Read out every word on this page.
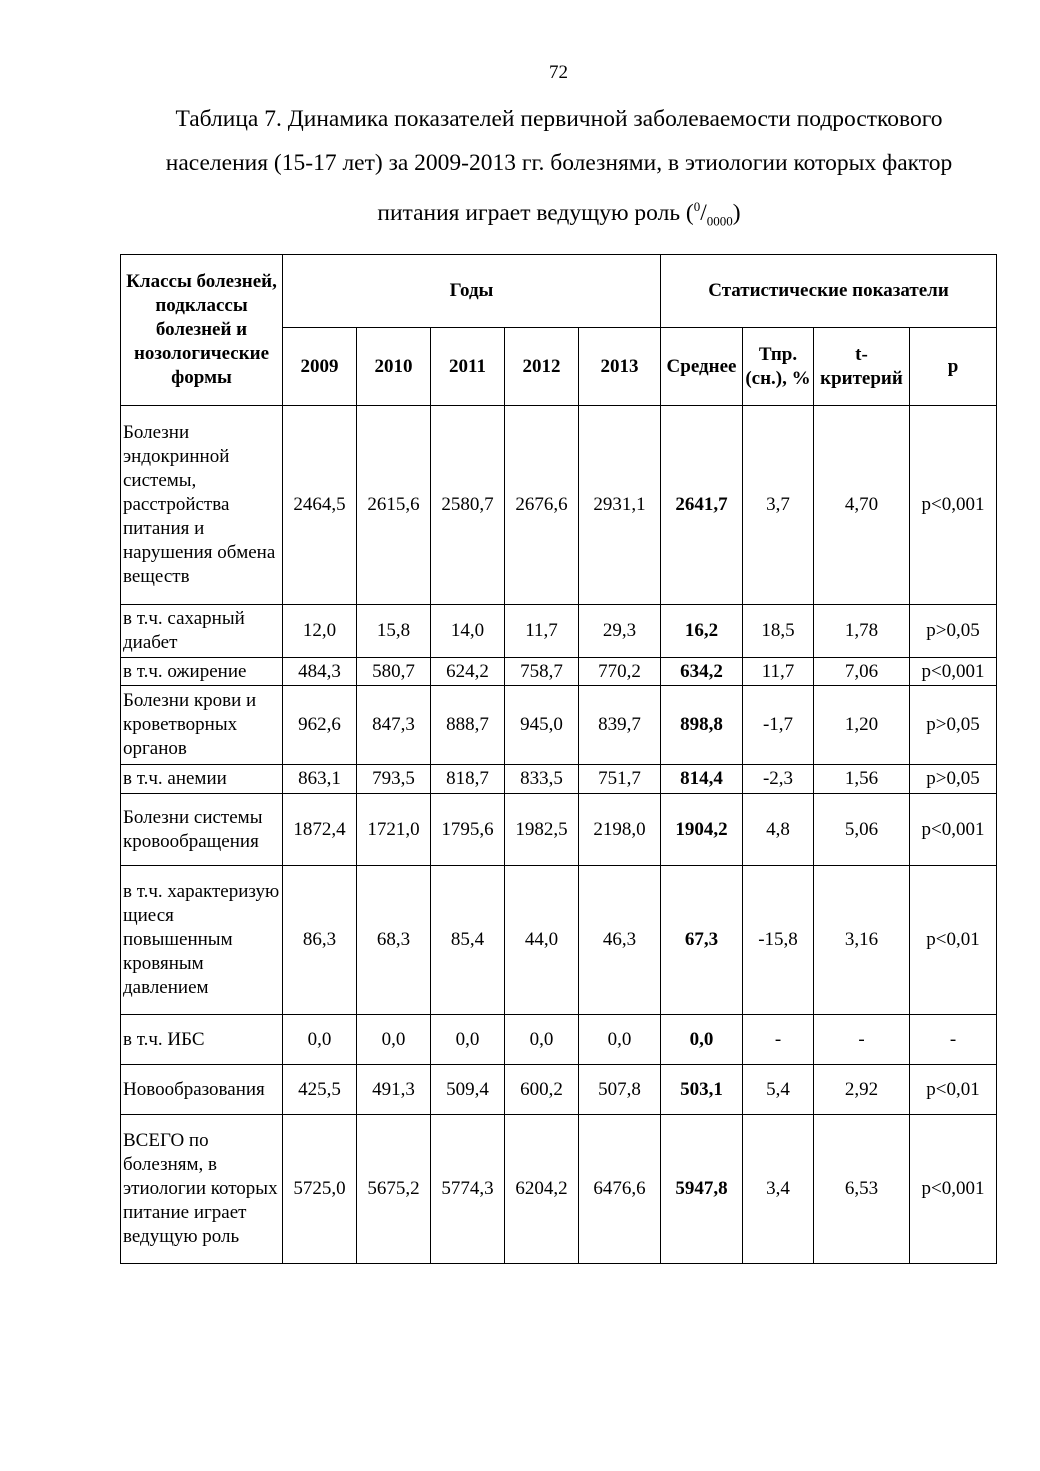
72
Таблица 7. Динамика показателей первичной заболеваемости подросткового населения (15-17 лет) за 2009-2013 гг. болезнями, в этиологии которых фактор питания играет ведущую роль $(^0/_{0000})$
Классы болезней, подклассы болезней и нозологические формы	Годы					Статистические показатели			
	2009	2010	2011	2012	2013	Среднее	Тпр. (сн.), %	t-критерий	p
Болезни эндокринной системы, расстройства питания и нарушения обмена веществ	2464,5	2615,6	2580,7	2676,6	2931,1	2641,7	3,7	4,70	p<0,001
в т.ч. сахарный диабет	12,0	15,8	14,0	11,7	29,3	16,2	18,5	1,78	p>0,05
в т.ч. ожирение	484,3	580,7	624,2	758,7	770,2	634,2	11,7	7,06	p<0,001
Болезни крови и кроветворных органов	962,6	847,3	888,7	945,0	839,7	898,8	-1,7	1,20	p>0,05
в т.ч. анемии	863,1	793,5	818,7	833,5	751,7	814,4	-2,3	1,56	p>0,05
Болезни системы кровообращения	1872,4	1721,0	1795,6	1982,5	2198,0	1904,2	4,8	5,06	p<0,001
в т.ч. характеризую щиеся повышенным кровяным давлением	86,3	68,3	85,4	44,0	46,3	67,3	-15,8	3,16	p<0,01
в т.ч. ИБС	0,0	0,0	0,0	0,0	0,0	0,0	-	-	-
Новообразования	425,5	491,3	509,4	600,2	507,8	503,1	5,4	2,92	p<0,01
ВСЕГО по болезням, в этиологии которых питание играет ведущую роль	5725,0	5675,2	5774,3	6204,2	6476,6	5947,8	3,4	6,53	p<0,001
